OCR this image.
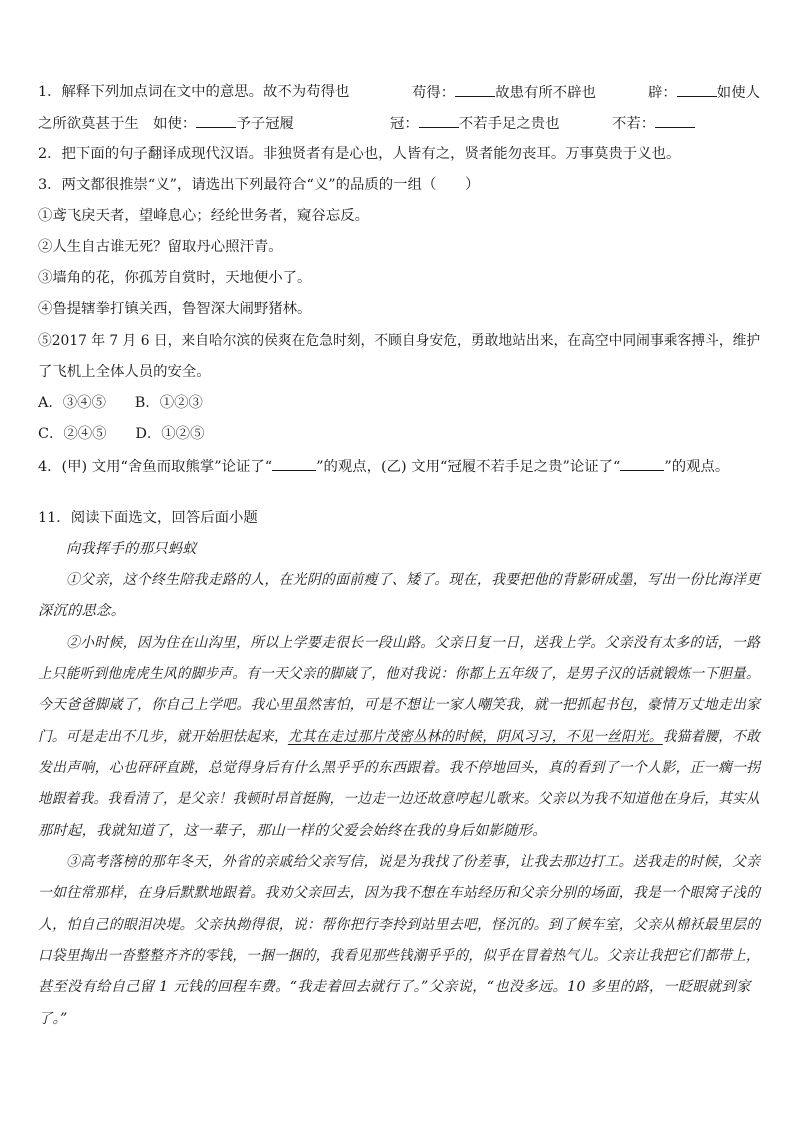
1．解释下列加点词在文中的意思。故不为苟得也	苟得：	故患有所不辟也	辟：	如使人
之所欲莫甚于生　如使：	予子冠履	冠：	不若手足之贵也	不若：
2．把下面的句子翻译成现代汉语。非独贤者有是心也，人皆有之，贤者能勿丧耳。万事莫贵于义也。
3．两文都很推崇“义”，请选出下列最符合“义”的品质的一组（　　）
①鸢飞戾天者，望峰息心；经纶世务者，窥谷忘反。
②人生自古谁无死？留取丹心照汗青。
③墙角的花，你孤芳自赏时，天地便小了。
④鲁提辖拳打镇关西，鲁智深大闹野猪林。
⑤2017 年 7 月 6 日，来自哈尔滨的侯爽在危急时刻，不顾自身安危，勇敢地站出来，在高空中同闹事乘客搏斗，维护
了飞机上全体人员的安全。
A．③④⑤　　B．①②③
C．②④⑤　　D．①②⑤
4．(甲) 文用“舍鱼而取熊掌”论证了“	”的观点，(乙) 文用“冠履不若手足之贵”论证了“	”的观点。
11．阅读下面选文，回答后面小题
向我挥手的那只蚂蚁
①父亲，这个终生陪我走路的人，在光阴的面前瘦了、矮了。现在，我要把他的背影研成墨，写出一份比海洋更
深沉的思念。
②小时候，因为住在山沟里，所以上学要走很长一段山路。父亲日复一日，送我上学。父亲没有太多的话，一路
上只能听到他虎虎生风的脚步声。有一天父亲的脚崴了，他对我说：你都上五年级了，是男子汉的话就锻炼一下胆量。
今天爸爸脚崴了，你自己上学吧。我心里虽然害怕，可是不想让一家人嘲笑我，就一把抓起书包，豪情万丈地走出家
门。可是走出不几步，就开始胆怯起来，尤其在走过那片茂密丛林的时候，阴风习习，不见一丝阳光。我猫着腰，不敢
发出声响，心也砰砰直跳，总觉得身后有什么黑乎乎的东西跟着。我不停地回头，真的看到了一个人影，正一瘸一拐
地跟着我。我看清了，是父亲！我顿时昂首挺胸，一边走一边还故意哼起儿歌来。父亲以为我不知道他在身后，其实从
那时起，我就知道了，这一辈子，那山一样的父爱会始终在我的身后如影随形。
③高考落榜的那年冬天，外省的亲戚给父亲写信，说是为我找了份差事，让我去那边打工。送我走的时候，父亲
一如往常那样，在身后默默地跟着。我劝父亲回去，因为我不想在车站经历和父亲分别的场面，我是一个眼窝子浅的
人，怕自己的眼泪决堤。父亲执拗得很，说：帮你把行李拎到站里去吧，怪沉的。到了候车室，父亲从棉袄最里层的
口袋里掏出一沓整整齐齐的零钱，一捆一捆的，我看见那些钱潮乎乎的，似乎在冒着热气儿。父亲让我把它们都带上，
甚至没有给自己留 1 元钱的回程车费。“我走着回去就行了。”父亲说，“也没多远。10 多里的路，一眨眼就到家
了。”
